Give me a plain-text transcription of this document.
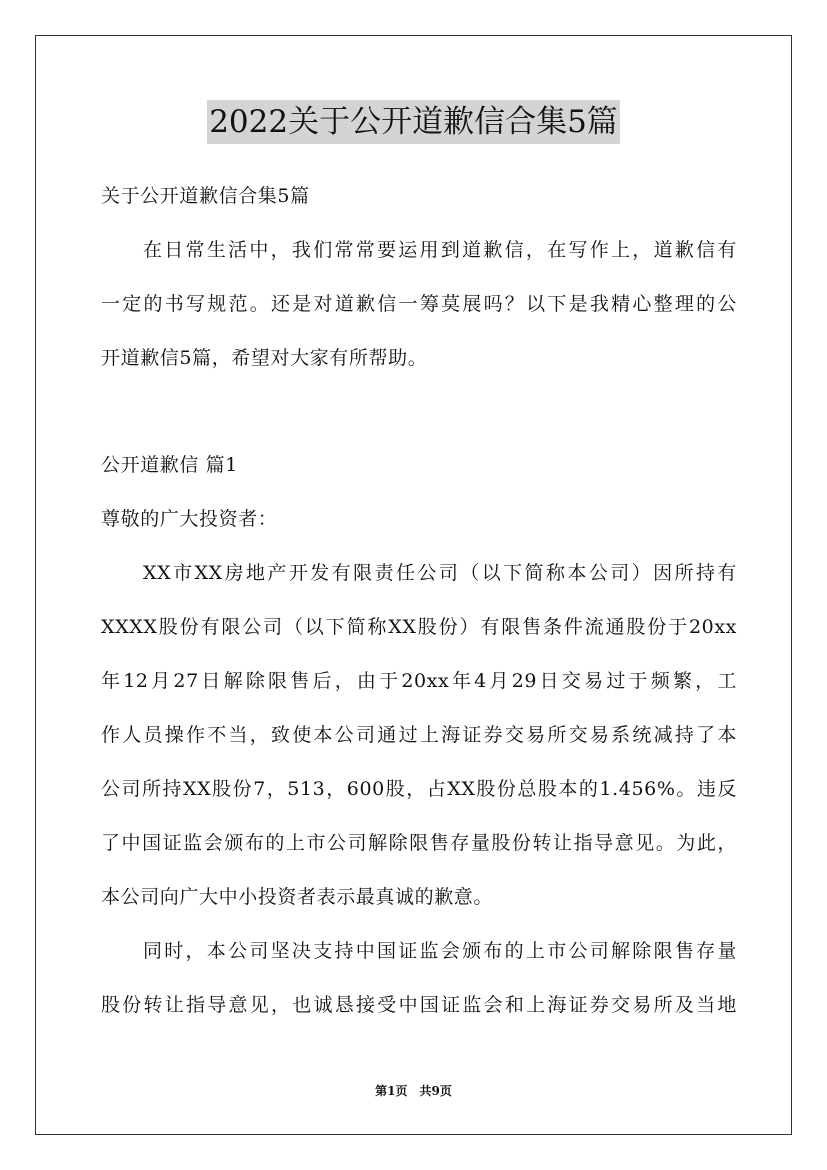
2022关于公开道歉信合集5篇
关于公开道歉信合集5篇
在日常生活中，我们常常要运用到道歉信，在写作上，道歉信有
一定的书写规范。还是对道歉信一筹莫展吗？以下是我精心整理的公
开道歉信5篇，希望对大家有所帮助。
公开道歉信 篇1
尊敬的广大投资者：
XX市XX房地产开发有限责任公司（以下简称本公司）因所持有
XXXX股份有限公司（以下简称XX股份）有限售条件流通股份于20xx
年12月27日解除限售后，由于20xx年4月29日交易过于频繁，工
作人员操作不当，致使本公司通过上海证券交易所交易系统减持了本
公司所持XX股份7，513，600股，占XX股份总股本的1.456%。违反
了中国证监会颁布的上市公司解除限售存量股份转让指导意见。为此，
本公司向广大中小投资者表示最真诚的歉意。
同时，本公司坚决支持中国证监会颁布的上市公司解除限售存量
股份转让指导意见，也诚恳接受中国证监会和上海证券交易所及当地
第1页　共9页
